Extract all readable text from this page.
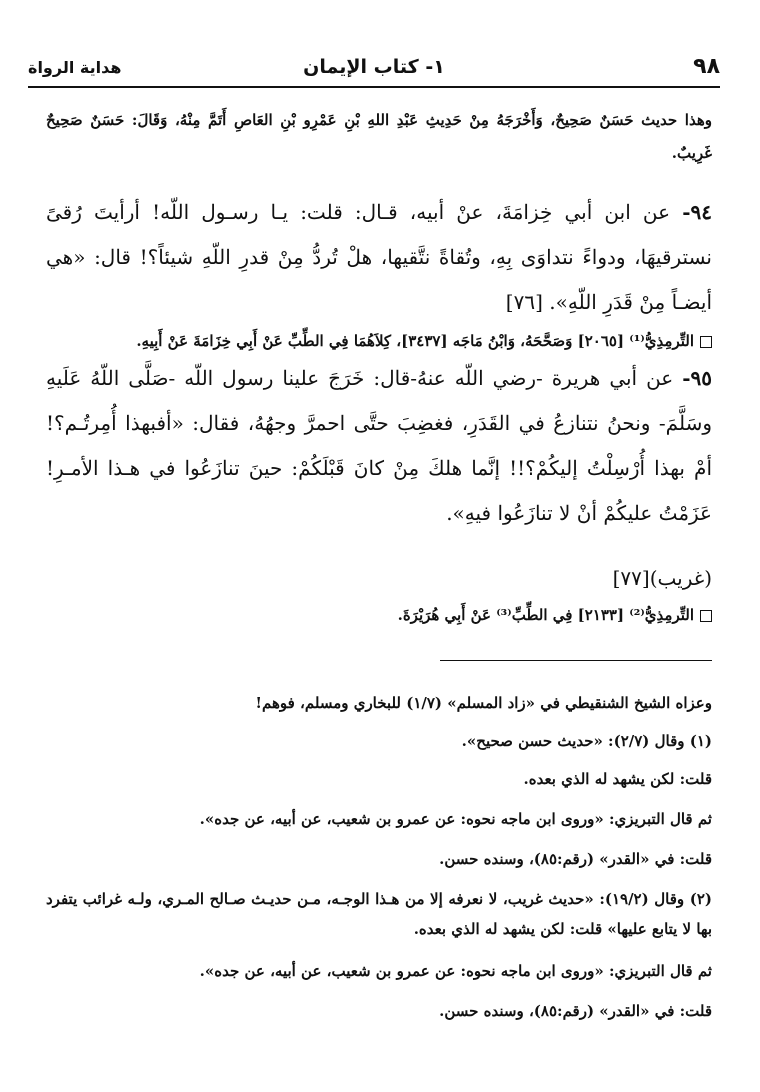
٩٨
١- كتاب الإيمان
هداية الرواة
وهذا حديث حَسَنٌ صَحِيحٌ، وَأَخْرَجَهُ مِنْ حَدِيثِ عَبْدِ اللهِ بْنِ عَمْرِو بْنِ العَاصِ أَتَمَّ مِنْهُ، وَقَالَ: حَسَنٌ صَحِيحٌ غَرِيبٌ.
٩٤- عن ابن أبي خِزامَةَ، عنْ أبيه، قـال: قلت: يـا رسـول اللّه! أرأيتَ رُقىً نسترقيهَا، ودواءً نتداوَى بِهِ، وتُقاةً نتَّقيها، هلْ تُردُّ مِنْ قدرِ اللّهِ شيئاً؟! قال: «هي أيضـاً مِنْ قَدَرِ اللّهِ». [٧٦]
التِّرمِذِيُّ⁽¹⁾ [٢٠٦٥] وَصَحَّحَهُ، وَابْنُ مَاجَه [٣٤٣٧]، كِلاَهُمَا فِي الطِّبِّ عَنْ أَبِي خِزَامَةَ عَنْ أَبِيهِ.
٩٥- عن أبي هريرة -رضي اللّه عنهُ-قال: خَرَجَ علينا رسول اللّه -صَلَّى اللّهُ عَلَيهِ وسَلَّمَ- ونحنُ نتنازعُ في القَدَرِ، فغضِبَ حتَّى احمرَّ وجهُهُ، فقال: «أفبهذا أُمِرتُـم؟! أمْ بهذا أُرْسِلْتُ إليكُمْ؟!! إنَّما هلكَ مِنْ كانَ قَبْلَكُمْ: حينَ تنازَعُوا في هـذا الأمـرِ! عَزَمْتُ عليكُمْ أنْ لا تنازَعُوا فيهِ».
(غريب)[٧٧]
التِّرمِذِيُّ⁽²⁾ [٢١٣٣] فِي الطِّبِّ⁽³⁾ عَنْ أَبِي هُرَيْرَةَ.
وعزاه الشيخ الشنقيطي في «زاد المسلم» (١/٧) للبخاري ومسلم، فوهم!
(١) وقال (٢/٧): «حديث حسن صحيح».
قلت: لكن يشهد له الذي بعده.
ثم قال التبريزي: «وروى ابن ماجه نحوه: عن عمرو بن شعيب، عن أبيه، عن جده».
قلت: في «القدر» (رقم:٨٥)، وسنده حسن.
(٢) وقال (١٩/٢): «حديث غريب، لا نعرفه إلا من هـذا الوجـه، مـن حديـث صـالح المـري، ولـه غرائب يتفرد بها لا يتابع عليها» قلت: لكن يشهد له الذي بعده.
ثم قال التبريزي: «وروى ابن ماجه نحوه: عن عمرو بن شعيب، عن أبيه، عن جده».
قلت: في «القدر» (رقم:٨٥)، وسنده حسن.
